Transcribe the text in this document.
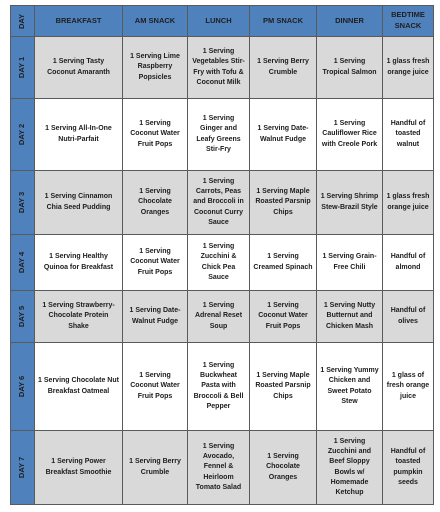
DAY	BREAKFAST	AM SNACK	LUNCH	PM SNACK	DINNER	BEDTIME SNACK
DAY 1	1 Serving Tasty Coconut Amaranth	1 Serving Lime Raspberry Popsicles	1 Serving Vegetables Stir-Fry with Tofu & Coconut Milk	1 Serving Berry Crumble	1 Serving Tropical Salmon	1 glass fresh orange juice
DAY 2	1 Serving All-In-One Nutri-Parfait	1 Serving Coconut Water Fruit Pops	1 Serving Ginger and Leafy Greens Stir-Fry	1 Serving Date-Walnut Fudge	1 Serving Cauliflower Rice with Creole Pork	Handful of toasted walnut
DAY 3	1 Serving Cinnamon Chia Seed Pudding	1 Serving Chocolate Oranges	1 Serving Carrots, Peas and Broccoli in Coconut Curry Sauce	1 Serving Maple Roasted Parsnip Chips	1 Serving Shrimp Stew-Brazil Style	1 glass fresh orange juice
DAY 4	1 Serving Healthy Quinoa for Breakfast	1 Serving Coconut Water Fruit Pops	1 Serving Zucchini & Chick Pea Sauce	1 Serving Creamed Spinach	1 Serving Grain-Free Chili	Handful of almond
DAY 5	1 Serving Strawberry-Chocolate Protein Shake	1 Serving Date-Walnut Fudge	1 Serving Adrenal Reset Soup	1 Serving Coconut Water Fruit Pops	1 Serving Nutty Butternut and Chicken Mash	Handful of olives
DAY 6	1 Serving Chocolate Nut Breakfast Oatmeal	1 Serving Coconut Water Fruit Pops	1 Serving Buckwheat Pasta with Broccoli & Bell Pepper	1 Serving Maple Roasted Parsnip Chips	1 Serving Yummy Chicken and Sweet Potato Stew	1 glass of fresh orange juice
DAY 7	1 Serving Power Breakfast Smoothie	1 Serving Berry Crumble	1 Serving Avocado, Fennel & Heirloom Tomato Salad	1 Serving Chocolate Oranges	1 Serving Zucchini and Beef Sloppy Bowls w/ Homemade Ketchup	Handful of toasted pumpkin seeds
